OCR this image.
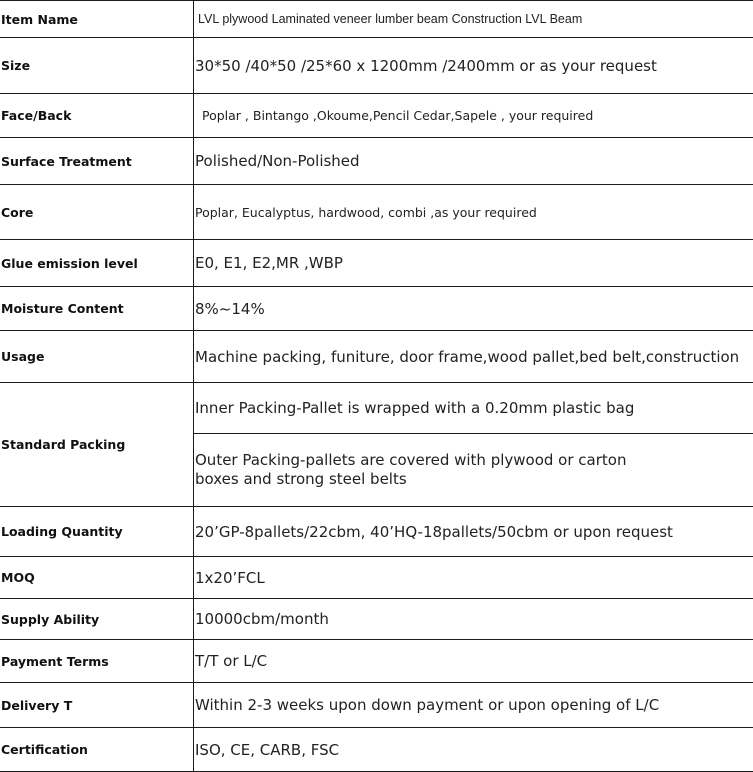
Item Name	LVL plywood Laminated veneer lumber beam Construction LVL Beam
Size	30*50 /40*50 /25*60 x 1200mm /2400mm or as your request
Face/Back	Poplar , Bintango ,Okoume,Pencil Cedar,Sapele , your required
Surface Treatment	Polished/Non-Polished
Core	Poplar, Eucalyptus, hardwood, combi ,as your required
Glue emission level	E0, E1, E2,MR ,WBP
Moisture Content	8%~14%
Usage	Machine packing, funiture, door frame,wood pallet,bed belt,construction
Standard Packing	Inner Packing-Pallet is wrapped with a 0.20mm plastic bag
	Outer Packing-pallets are covered with plywood or carton
boxes and strong steel belts
Loading Quantity	20’GP-8pallets/22cbm, 40’HQ-18pallets/50cbm or upon request
MOQ	1x20’FCL
Supply Ability	10000cbm/month
Payment Terms	T/T or L/C
Delivery T	Within 2-3 weeks upon down payment or upon opening of L/C
Certification	ISO, CE, CARB, FSC
